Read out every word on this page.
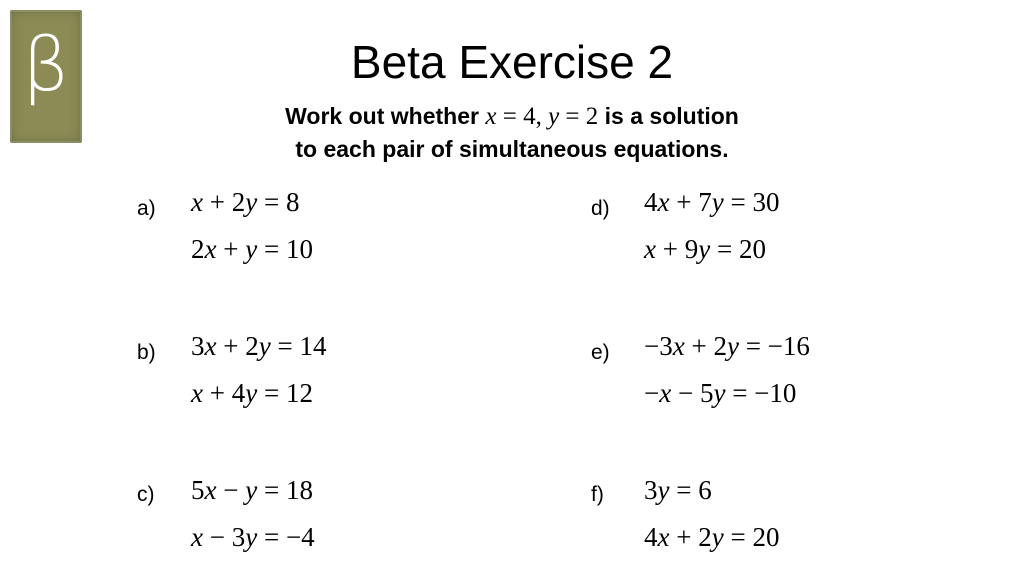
β	Beta Exercise 2
Work out whether x = 4, y = 2 is a solution
to each pair of simultaneous equations.
a) x + 2y = 8
2x + y = 10
b) 3x + 2y = 14
x + 4y = 12
c) 5x − y = 18
x − 3y = −4
d) 4x + 7y = 30
x + 9y = 20
e) −3x + 2y = −16
−x − 5y = −10
f) 3y = 6
4x + 2y = 20
